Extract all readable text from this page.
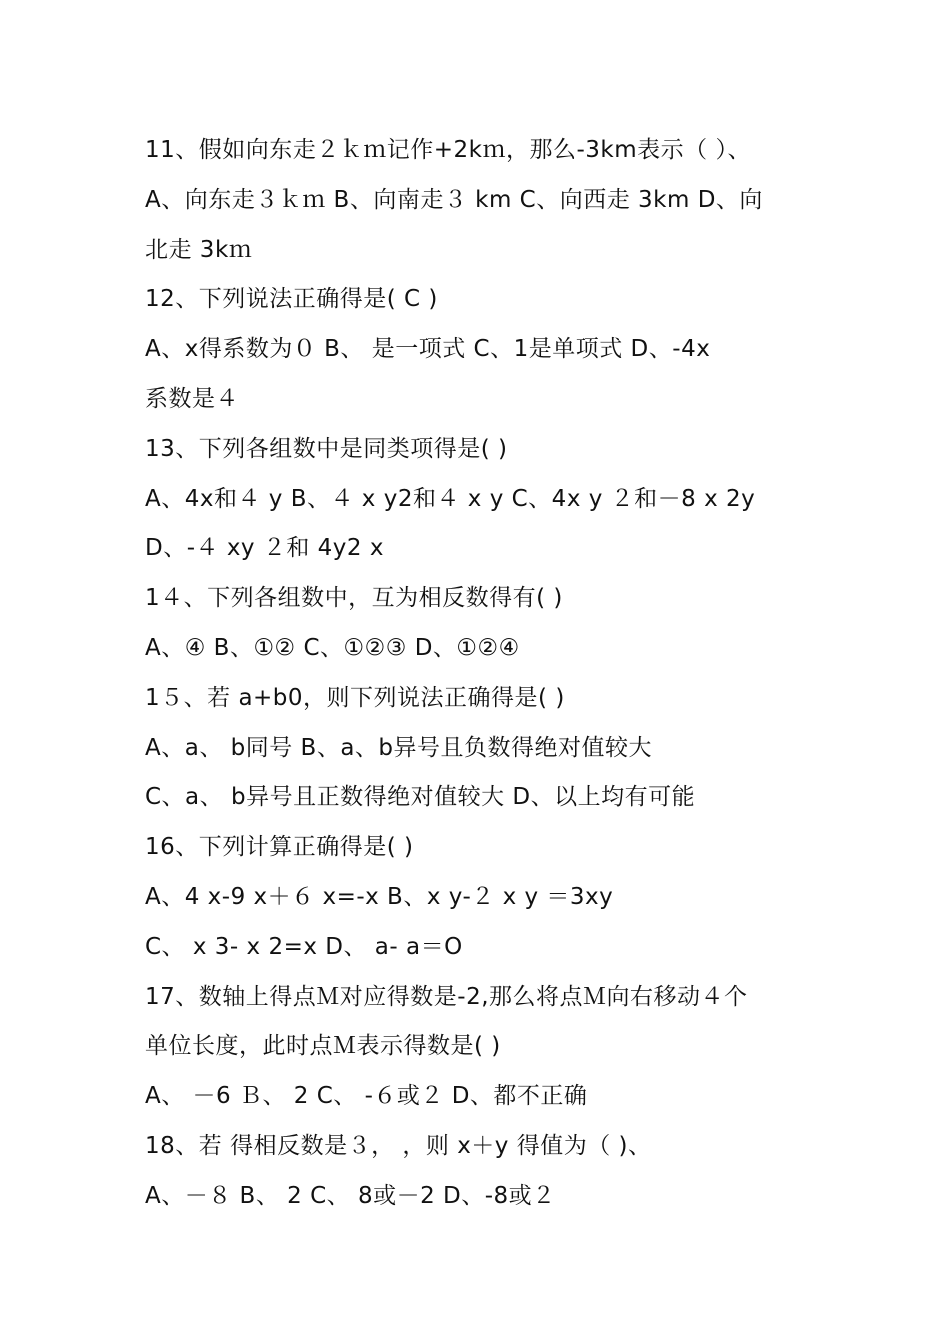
11、假如向东走２ｋｍ记作+2kｍ，那么-3km表示（ ）、
A、向东走３ｋｍ B、向南走３ km C、向西走 3km D、向
北走 3kｍ
12、下列说法正确得是( C )
A、x得系数为０ B、 是一项式 C、1是单项式 D、-4x
系数是４
13、下列各组数中是同类项得是( )
A、4x和４ y B、４ x y2和４ x y C、4x y ２和－8 x 2y
D、-４ xy ２和 4y2 x
1４、下列各组数中，互为相反数得有( )
A、④ B、①② C、①②③ D、①②④
1５、若 a+b0，则下列说法正确得是( )
A、a、 b同号 B、a、b异号且负数得绝对值较大
C、a、 b异号且正数得绝对值较大 D、以上均有可能
16、下列计算正确得是( )
A、4 x-9 x＋６ x=-x B、x y-２ x y ＝3xy
C、 x 3- x 2=x D、 a- a＝O
17、数轴上得点Ｍ对应得数是-2,那么将点Ｍ向右移动４个
单位长度，此时点Ｍ表示得数是( )
A、 －6 Ｂ、 2 C、 -６或２ D、都不正确
18、若 得相反数是３， ，则 x＋y 得值为（ )、
A、－８ B、 2 C、 8或－2 D、-8或２
